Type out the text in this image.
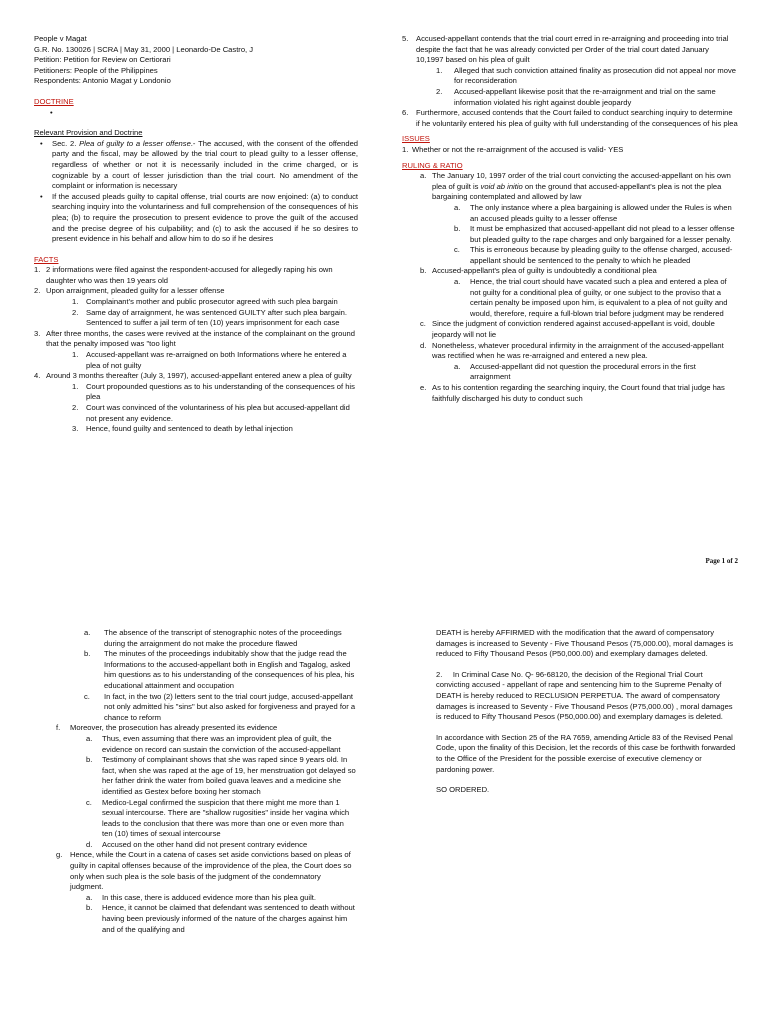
People v Magat
G.R. No. 130026 | SCRA | May 31, 2000 | Leonardo-De Castro, J
Petition: Petition for Review on Certiorari
Petitioners: People of the Philippines
Respondents: Antonio Magat y Londonio
DOCTRINE
•
Relevant Provision and Doctrine
•	Sec. 2. Plea of guilty to a lesser offense.- The accused, with the consent of the offended party and the fiscal, may be allowed by the trial court to plead guilty to a lesser offense, regardless of whether or not it is necessarily included in the crime charged, or is cognizable by a court of lesser jurisdiction than the trial court. No amendment of the complaint or information is necessary
•	If the accused pleads guilty to capital offense, trial courts are now enjoined: (a) to conduct searching inquiry into the voluntariness and full comprehension of the consequences of his plea; (b) to require the prosecution to present evidence to prove the guilt of the accused and the precise degree of his culpability; and (c) to ask the accused if he so desires to present evidence in his behalf and allow him to do so if he desires
FACTS
1. 2 informations were filed against the respondent-accused for allegedly raping his own daughter who was then 19 years old
2. Upon arraignment, pleaded guilty for a lesser offense
1.	Complainant's mother and public prosecutor agreed with such plea bargain
2.	Same day of arraignment, he was sentenced GUILTY after such plea bargain. Sentenced to suffer a jail term of ten (10) years imprisonment for each case
3. After three months, the cases were revived at the instance of the complainant on the ground that the penalty imposed was "too light
1.	Accused-appellant was re-arraigned on both Informations where he entered a plea of not guilty
4. Around 3 months thereafter (July 3, 1997), accused-appellant entered anew a plea of guilty
1.	Court propounded questions as to his understanding of the consequences of his plea
2.	Court was convinced of the voluntariness of his plea but accused-appellant did not present any evidence.
3.	Hence, found guilty and sentenced to death by lethal injection
5.	Accused-appellant contends that the trial court erred in re-arraigning and proceeding into trial despite the fact that he was already convicted per Order of the trial court dated January 10,1997 based on his plea of guilt
1.	Alleged that such conviction attained finality as prosecution did not appeal nor move for reconsideration
2.	Accused-appellant likewise posit that the re-arraignment and trial on the same information violated his right against double jeopardy
6.	Furthermore, accused contends that the Court failed to conduct searching inquiry to determine if he voluntarily entered his plea of guilty with full understanding of the consequences of his plea
ISSUES
1. Whether or not the re-arraignment of the accused is valid- YES
RULING & RATIO
a. The January 10, 1997 order of the trial court convicting the accused-appellant on his own plea of guilt is void ab initio on the ground that accused-appellant's plea is not the plea bargaining contemplated and allowed by law
a.	The only instance where a plea bargaining is allowed under the Rules is when an accused pleads guilty to a lesser offense
b.	It must be emphasized that accused-appellant did not plead to a lesser offense but pleaded guilty to the rape charges and only bargained for a lesser penalty.
c.	This is erroneous because by pleading guilty to the offense charged, accused-appellant should be sentenced to the penalty to which he pleaded
b. Accused-appellant's plea of guilty is undoubtedly a conditional plea
a.	Hence, the trial court should have vacated such a plea and entered a plea of not guilty for a conditional plea of guilty, or one subject to the proviso that a certain penalty be imposed upon him, is equivalent to a plea of not guilty and would, therefore, require a full-blown trial before judgment may be rendered
c. Since the judgment of conviction rendered against accused-appellant is void, double jeopardy will not lie
d. Nonetheless, whatever procedural infirmity in the arraignment of the accused-appellant was rectified when he was re-arraigned and entered a new plea.
a.	Accused-appellant did not question the procedural errors in the first arraignment
e. As to his contention regarding the searching inquiry, the Court found that trial judge has faithfully discharged his duty to conduct such
Page 1 of 2
a.	The absence of the transcript of stenographic notes of the proceedings during the arraignment do not make the procedure flawed
b.	The minutes of the proceedings indubitably show that the judge read the Informations to the accused-appellant both in English and Tagalog, asked him questions as to his understanding of the consequences of his plea, his educational attainment and occupation
c.	In fact, in the two (2) letters sent to the trial court judge, accused-appellant not only admitted his "sins" but also asked for forgiveness and prayed for a chance to reform
f.	Moreover, the prosecution has already presented its evidence
a.	Thus, even assuming that there was an improvident plea of guilt, the evidence on record can sustain the conviction of the accused-appellant
b.	Testimony of complainant shows that she was raped since 9 years old. In fact, when she was raped at the age of 19, her menstruation got delayed so her father drink the water from boiled guava leaves and a medicine she identified as Gestex before boxing her stomach
c.	Medico-Legal confirmed the suspicion that there might me more than 1 sexual intercourse. There are "shallow rugosities" inside her vagina which leads to the conclusion that there was more than one or even more than ten (10) times of sexual intercourse
d.	Accused on the other hand did not present contrary evidence
g.	Hence, while the Court in a catena of cases set aside convictions based on pleas of guilty in capital offenses because of the improvidence of the plea, the Court does so only when such plea is the sole basis of the judgment of the condemnatory judgment.
a.	In this case, there is adduced evidence more than his plea guilt.
b.	Hence, it cannot be claimed that defendant was sentenced to death without having been previously informed of the nature of the charges against him and of the qualifying and

DEATH is hereby AFFIRMED with the modification that the award of compensatory damages is increased to Seventy - Five Thousand Pesos (75,000.00), moral damages is reduced to Fifty Thousand Pesos (P50,000.00) and exemplary damages deleted.

2. In Criminal Case No. Q- 96-68120, the decision of the Regional Trial Court convicting accused - appellant of rape and sentencing him to the Supreme Penalty of DEATH is hereby reduced to RECLUSION PERPETUA. The award of compensatory damages is increased to Seventy - Five Thousand Pesos (P75,000.00) , moral damages is reduced to Fifty Thousand Pesos (P50,000.00) and exemplary damages is deleted.

In accordance with Section 25 of the RA 7659, amending Article 83 of the Revised Penal Code, upon the finality of this Decision, let the records of this case be forthwith forwarded to the Office of the President for the possible exercise of executive clemency or pardoning power.

SO ORDERED.
